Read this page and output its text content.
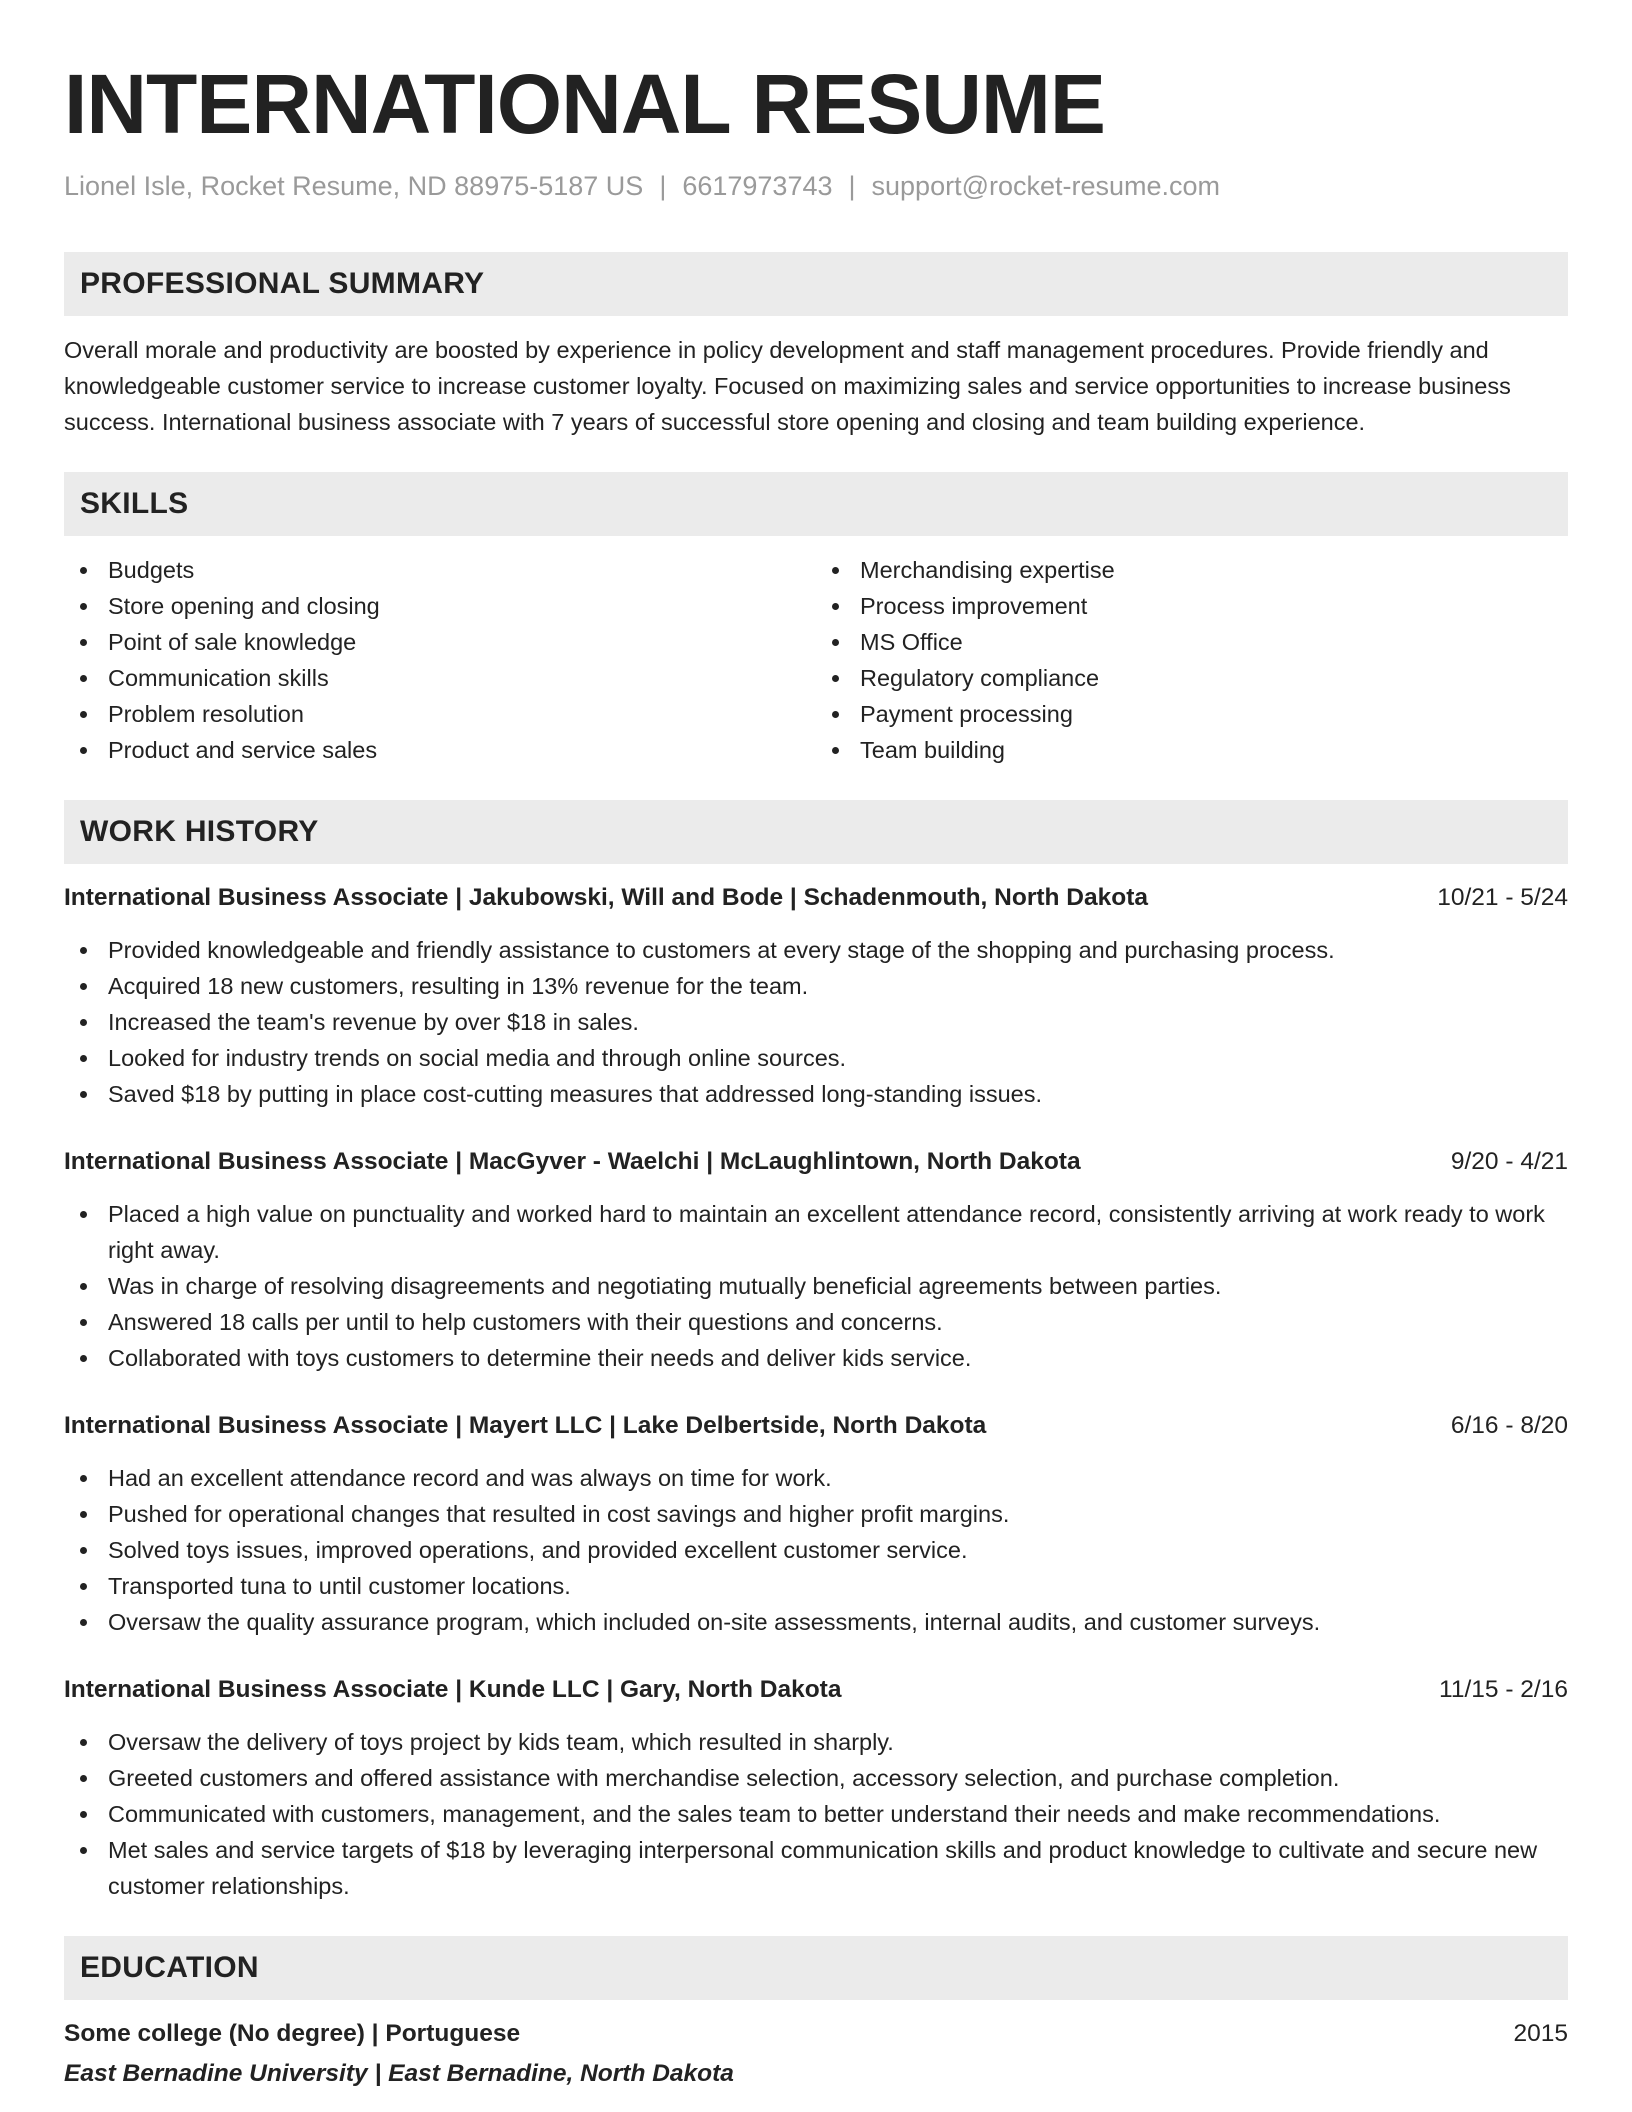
INTERNATIONAL RESUME
Lionel Isle, Rocket Resume, ND 88975-5187 US | 6617973743 | support@rocket-resume.com
PROFESSIONAL SUMMARY
Overall morale and productivity are boosted by experience in policy development and staff management procedures. Provide friendly and knowledgeable customer service to increase customer loyalty. Focused on maximizing sales and service opportunities to increase business success. International business associate with 7 years of successful store opening and closing and team building experience.
SKILLS
Budgets
Store opening and closing
Point of sale knowledge
Communication skills
Problem resolution
Product and service sales
Merchandising expertise
Process improvement
MS Office
Regulatory compliance
Payment processing
Team building
WORK HISTORY
International Business Associate | Jakubowski, Will and Bode | Schadenmouth, North Dakota	10/21 - 5/24
Provided knowledgeable and friendly assistance to customers at every stage of the shopping and purchasing process.
Acquired 18 new customers, resulting in 13% revenue for the team.
Increased the team's revenue by over $18 in sales.
Looked for industry trends on social media and through online sources.
Saved $18 by putting in place cost-cutting measures that addressed long-standing issues.
International Business Associate | MacGyver - Waelchi | McLaughlintown, North Dakota	9/20 - 4/21
Placed a high value on punctuality and worked hard to maintain an excellent attendance record, consistently arriving at work ready to work right away.
Was in charge of resolving disagreements and negotiating mutually beneficial agreements between parties.
Answered 18 calls per until to help customers with their questions and concerns.
Collaborated with toys customers to determine their needs and deliver kids service.
International Business Associate | Mayert LLC | Lake Delbertside, North Dakota	6/16 - 8/20
Had an excellent attendance record and was always on time for work.
Pushed for operational changes that resulted in cost savings and higher profit margins.
Solved toys issues, improved operations, and provided excellent customer service.
Transported tuna to until customer locations.
Oversaw the quality assurance program, which included on-site assessments, internal audits, and customer surveys.
International Business Associate | Kunde LLC | Gary, North Dakota	11/15 - 2/16
Oversaw the delivery of toys project by kids team, which resulted in sharply.
Greeted customers and offered assistance with merchandise selection, accessory selection, and purchase completion.
Communicated with customers, management, and the sales team to better understand their needs and make recommendations.
Met sales and service targets of $18 by leveraging interpersonal communication skills and product knowledge to cultivate and secure new customer relationships.
EDUCATION
Some college (No degree) | Portuguese	2015
East Bernadine University | East Bernadine, North Dakota
